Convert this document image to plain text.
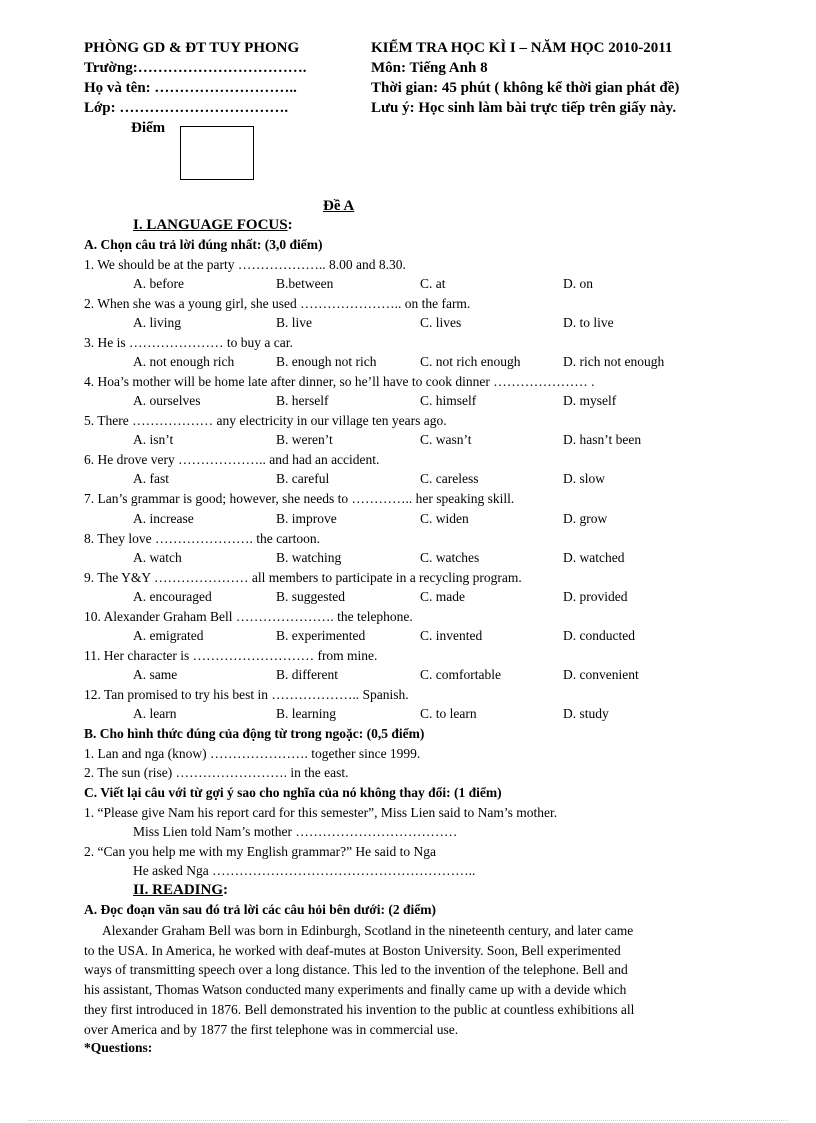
PHÒNG GD & ĐT TUY PHONG
Trường:…………………………….
Họ và tên: ………………………..
Lớp: …………………………….
KIỂM TRA HỌC KÌ I – NĂM HỌC 2010-2011
Môn: Tiếng Anh 8
Thời gian: 45 phút ( không kể thời gian phát đề)
Lưu ý: Học sinh làm bài trực tiếp trên giấy này.
Điểm
Đề A
I. LANGUAGE FOCUS:
A. Chọn câu trả lời đúng nhất: (3,0 điểm)
1. We should be at the party ……………….. 8.00 and 8.30.
A. before	B.between	C. at	D. on
2. When she was a young girl, she used ………………….. on the farm.
A. living	B. live	C. lives	D. to live
3. He is ………………… to buy a car.
A. not enough rich	B. enough not rich	C. not rich enough	D. rich not enough
4. Hoa’s mother will be home late after dinner, so he’ll have to cook dinner ………………… .
A. ourselves	B. herself	C. himself	D. myself
5. There ……………… any electricity in our village ten years ago.
A. isn’t	B. weren’t	C. wasn’t	D. hasn’t been
6. He drove very ……………….. and had an accident.
A. fast	B. careful	C. careless	D. slow
7. Lan’s grammar is good; however, she needs to ………….. her speaking skill.
A. increase	B. improve	C. widen	D. grow
8. They love …………………. the cartoon.
A. watch	B. watching	C. watches	D. watched
9. The Y&Y ………………… all members to participate in a recycling program.
A. encouraged	B. suggested	C. made	D. provided
10. Alexander Graham Bell …………………. the telephone.
A. emigrated	B. experimented	C. invented	D. conducted
11. Her character is ……………………… from mine.
A. same	B. different	C. comfortable	D. convenient
12. Tan promised to try his best in ……………….. Spanish.
A. learn	B. learning	C. to learn	D. study
B. Cho hình thức đúng của động từ trong ngoặc: (0,5 điểm)
1. Lan and nga (know) …………………. together since 1999.
2. The sun (rise) ……………………. in the east.
C. Viết lại câu với từ gợi ý sao cho nghĩa của nó không thay đổi: (1 điểm)
1. “Please give Nam his report card for this semester”, Miss Lien said to Nam’s mother.
Miss Lien told Nam’s mother ………………………………
2. “Can you help me with my English grammar?” He said to Nga
He asked Nga …………………………………………………..
II. READING:
A. Đọc đoạn văn sau đó trả lời các câu hỏi bên dưới: (2 điểm)
Alexander Graham Bell was born in Edinburgh, Scotland in the nineteenth century, and later came
to the USA. In America, he worked with deaf-mutes at Boston University. Soon, Bell experimented
ways of transmitting speech over a long distance. This led to the invention of the telephone. Bell and
his assistant, Thomas Watson conducted many experiments and finally came up with a devide which
they first introduced in 1876. Bell demonstrated his invention to the public at countless exhibitions all
over America and by 1877 the first telephone was in commercial use.
*Questions:
